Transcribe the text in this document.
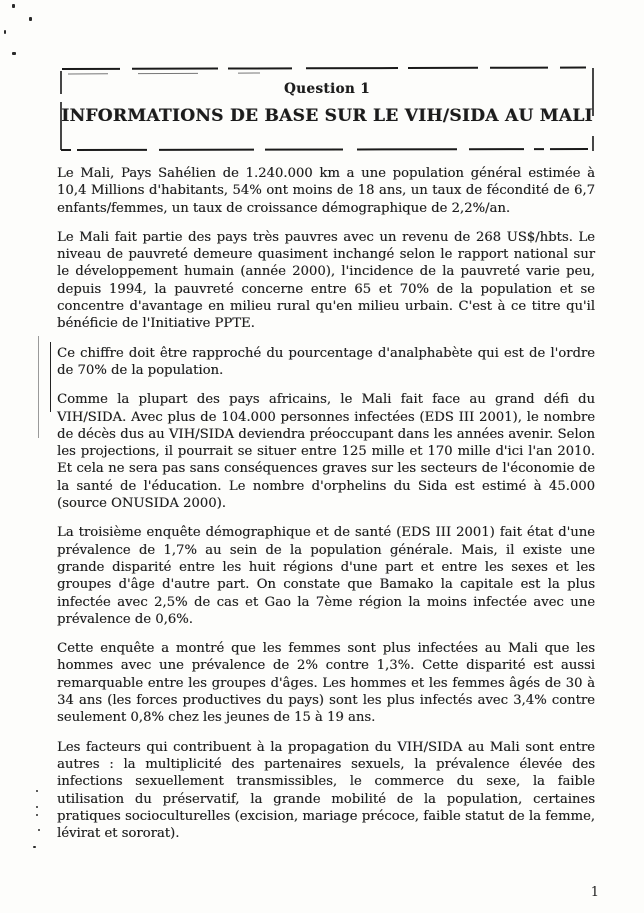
Question 1
INFORMATIONS DE BASE SUR LE VIH/SIDA AU MALI

Le Mali, Pays Sahélien de 1.240.000 km a une population général estimée à 10,4 Millions d'habitants, 54% ont moins de 18 ans, un taux de fécondité de 6,7 enfants/femmes, un taux de croissance démographique de 2,2%/an.

Le Mali fait partie des pays très pauvres avec un revenu de 268 US$/hbts. Le niveau de pauvreté demeure quasiment inchangé selon le rapport national sur le développement humain (année 2000), l'incidence de la pauvreté varie peu, depuis 1994, la pauvreté concerne entre 65 et 70% de la population et se concentre d'avantage en milieu rural qu'en milieu urbain. C'est à ce titre qu'il bénéficie de l'Initiative PPTE.

Ce chiffre doit être rapproché du pourcentage d'analphabète qui est de l'ordre de 70% de la population.

Comme la plupart des pays africains, le Mali fait face au grand défi du VIH/SIDA. Avec plus de 104.000 personnes infectées (EDS III 2001), le nombre de décès dus au VIH/SIDA deviendra préoccupant dans les années avenir. Selon les projections, il pourrait se situer entre 125 mille et 170 mille d'ici l'an 2010. Et cela ne sera pas sans conséquences graves sur les secteurs de l'économie de la santé de l'éducation. Le nombre d'orphelins du Sida est estimé à 45.000 (source ONUSIDA 2000).

La troisième enquête démographique et de santé (EDS III 2001) fait état d'une prévalence de 1,7% au sein de la population générale. Mais, il existe une grande disparité entre les huit régions d'une part et entre les sexes et les groupes d'âge d'autre part. On constate que Bamako la capitale est la plus infectée avec 2,5% de cas et Gao la 7ème région la moins infectée avec une prévalence de 0,6%.

Cette enquête a montré que les femmes sont plus infectées au Mali que les hommes avec une prévalence de 2% contre 1,3%. Cette disparité est aussi remarquable entre les groupes d'âges. Les hommes et les femmes âgés de 30 à 34 ans (les forces productives du pays) sont les plus infectés avec 3,4% contre seulement 0,8% chez les jeunes de 15 à 19 ans.

Les facteurs qui contribuent à la propagation du VIH/SIDA au Mali sont entre autres : la multiplicité des partenaires sexuels, la prévalence élevée des infections sexuellement transmissibles, le commerce du sexe, la faible utilisation du préservatif, la grande mobilité de la population, certaines pratiques socioculturelles (excision, mariage précoce, faible statut de la femme, lévirat et sororat).

1
